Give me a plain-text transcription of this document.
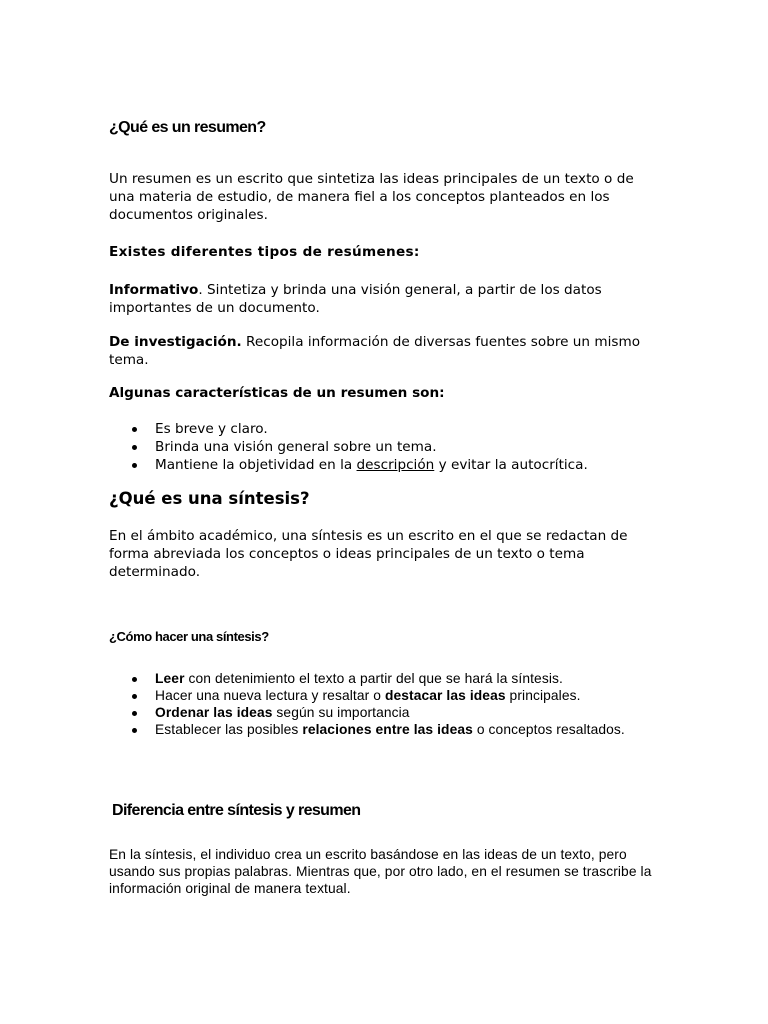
¿Qué es un resumen?

Un resumen es un escrito que sintetiza las ideas principales de un texto o de una materia de estudio, de manera fiel a los conceptos planteados en los documentos originales.

Existes diferentes tipos de resúmenes:

Informativo. Sintetiza y brinda una visión general, a partir de los datos importantes de un documento.

De investigación. Recopila información de diversas fuentes sobre un mismo tema.

Algunas características de un resumen son:

Es breve y claro.
Brinda una visión general sobre un tema.
Mantiene la objetividad en la descripción y evitar la autocrítica.
¿Qué es una síntesis?

En el ámbito académico, una síntesis es un escrito en el que se redactan de forma abreviada los conceptos o ideas principales de un texto o tema determinado.

¿Cómo hacer una síntesis?
Leer con detenimiento el texto a partir del que se hará la síntesis.
Hacer una nueva lectura y resaltar o destacar las ideas principales.
Ordenar las ideas según su importancia
Establecer las posibles relaciones entre las ideas o conceptos resaltados.
Diferencia entre síntesis y resumen

En la síntesis, el individuo crea un escrito basándose en las ideas de un texto, pero usando sus propias palabras. Mientras que, por otro lado, en el resumen se trascribe la información original de manera textual.
